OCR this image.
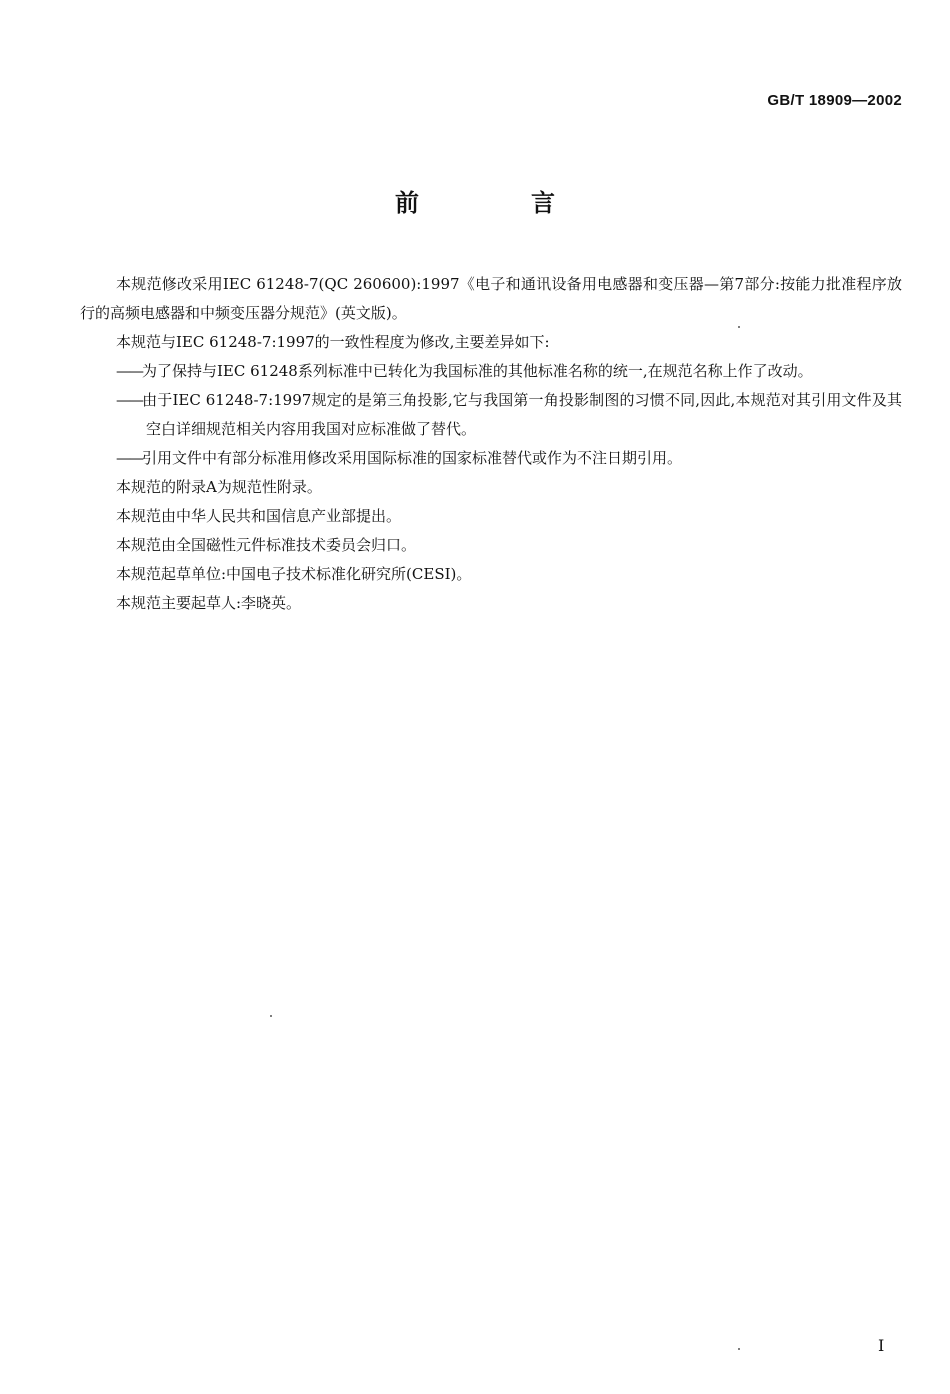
GB/T 18909—2002
前　言

本规范修改采用IEC 61248-7(QC 260600):1997《电子和通讯设备用电感器和变压器—第7部分:按能力批准程序放行的高频电感器和中频变压器分规范》(英文版)。

本规范与IEC 61248-7:1997的一致性程度为修改,主要差异如下:

——为了保持与IEC 61248系列标准中已转化为我国标准的其他标准名称的统一,在规范名称上作了改动。

——由于IEC 61248-7:1997规定的是第三角投影,它与我国第一角投影制图的习惯不同,因此,本规范对其引用文件及其空白详细规范相关内容用我国对应标准做了替代。

——引用文件中有部分标准用修改采用国际标准的国家标准替代或作为不注日期引用。

本规范的附录A为规范性附录。

本规范由中华人民共和国信息产业部提出。

本规范由全国磁性元件标准技术委员会归口。

本规范起草单位:中国电子技术标准化研究所(CESI)。

本规范主要起草人:李晓英。

I
